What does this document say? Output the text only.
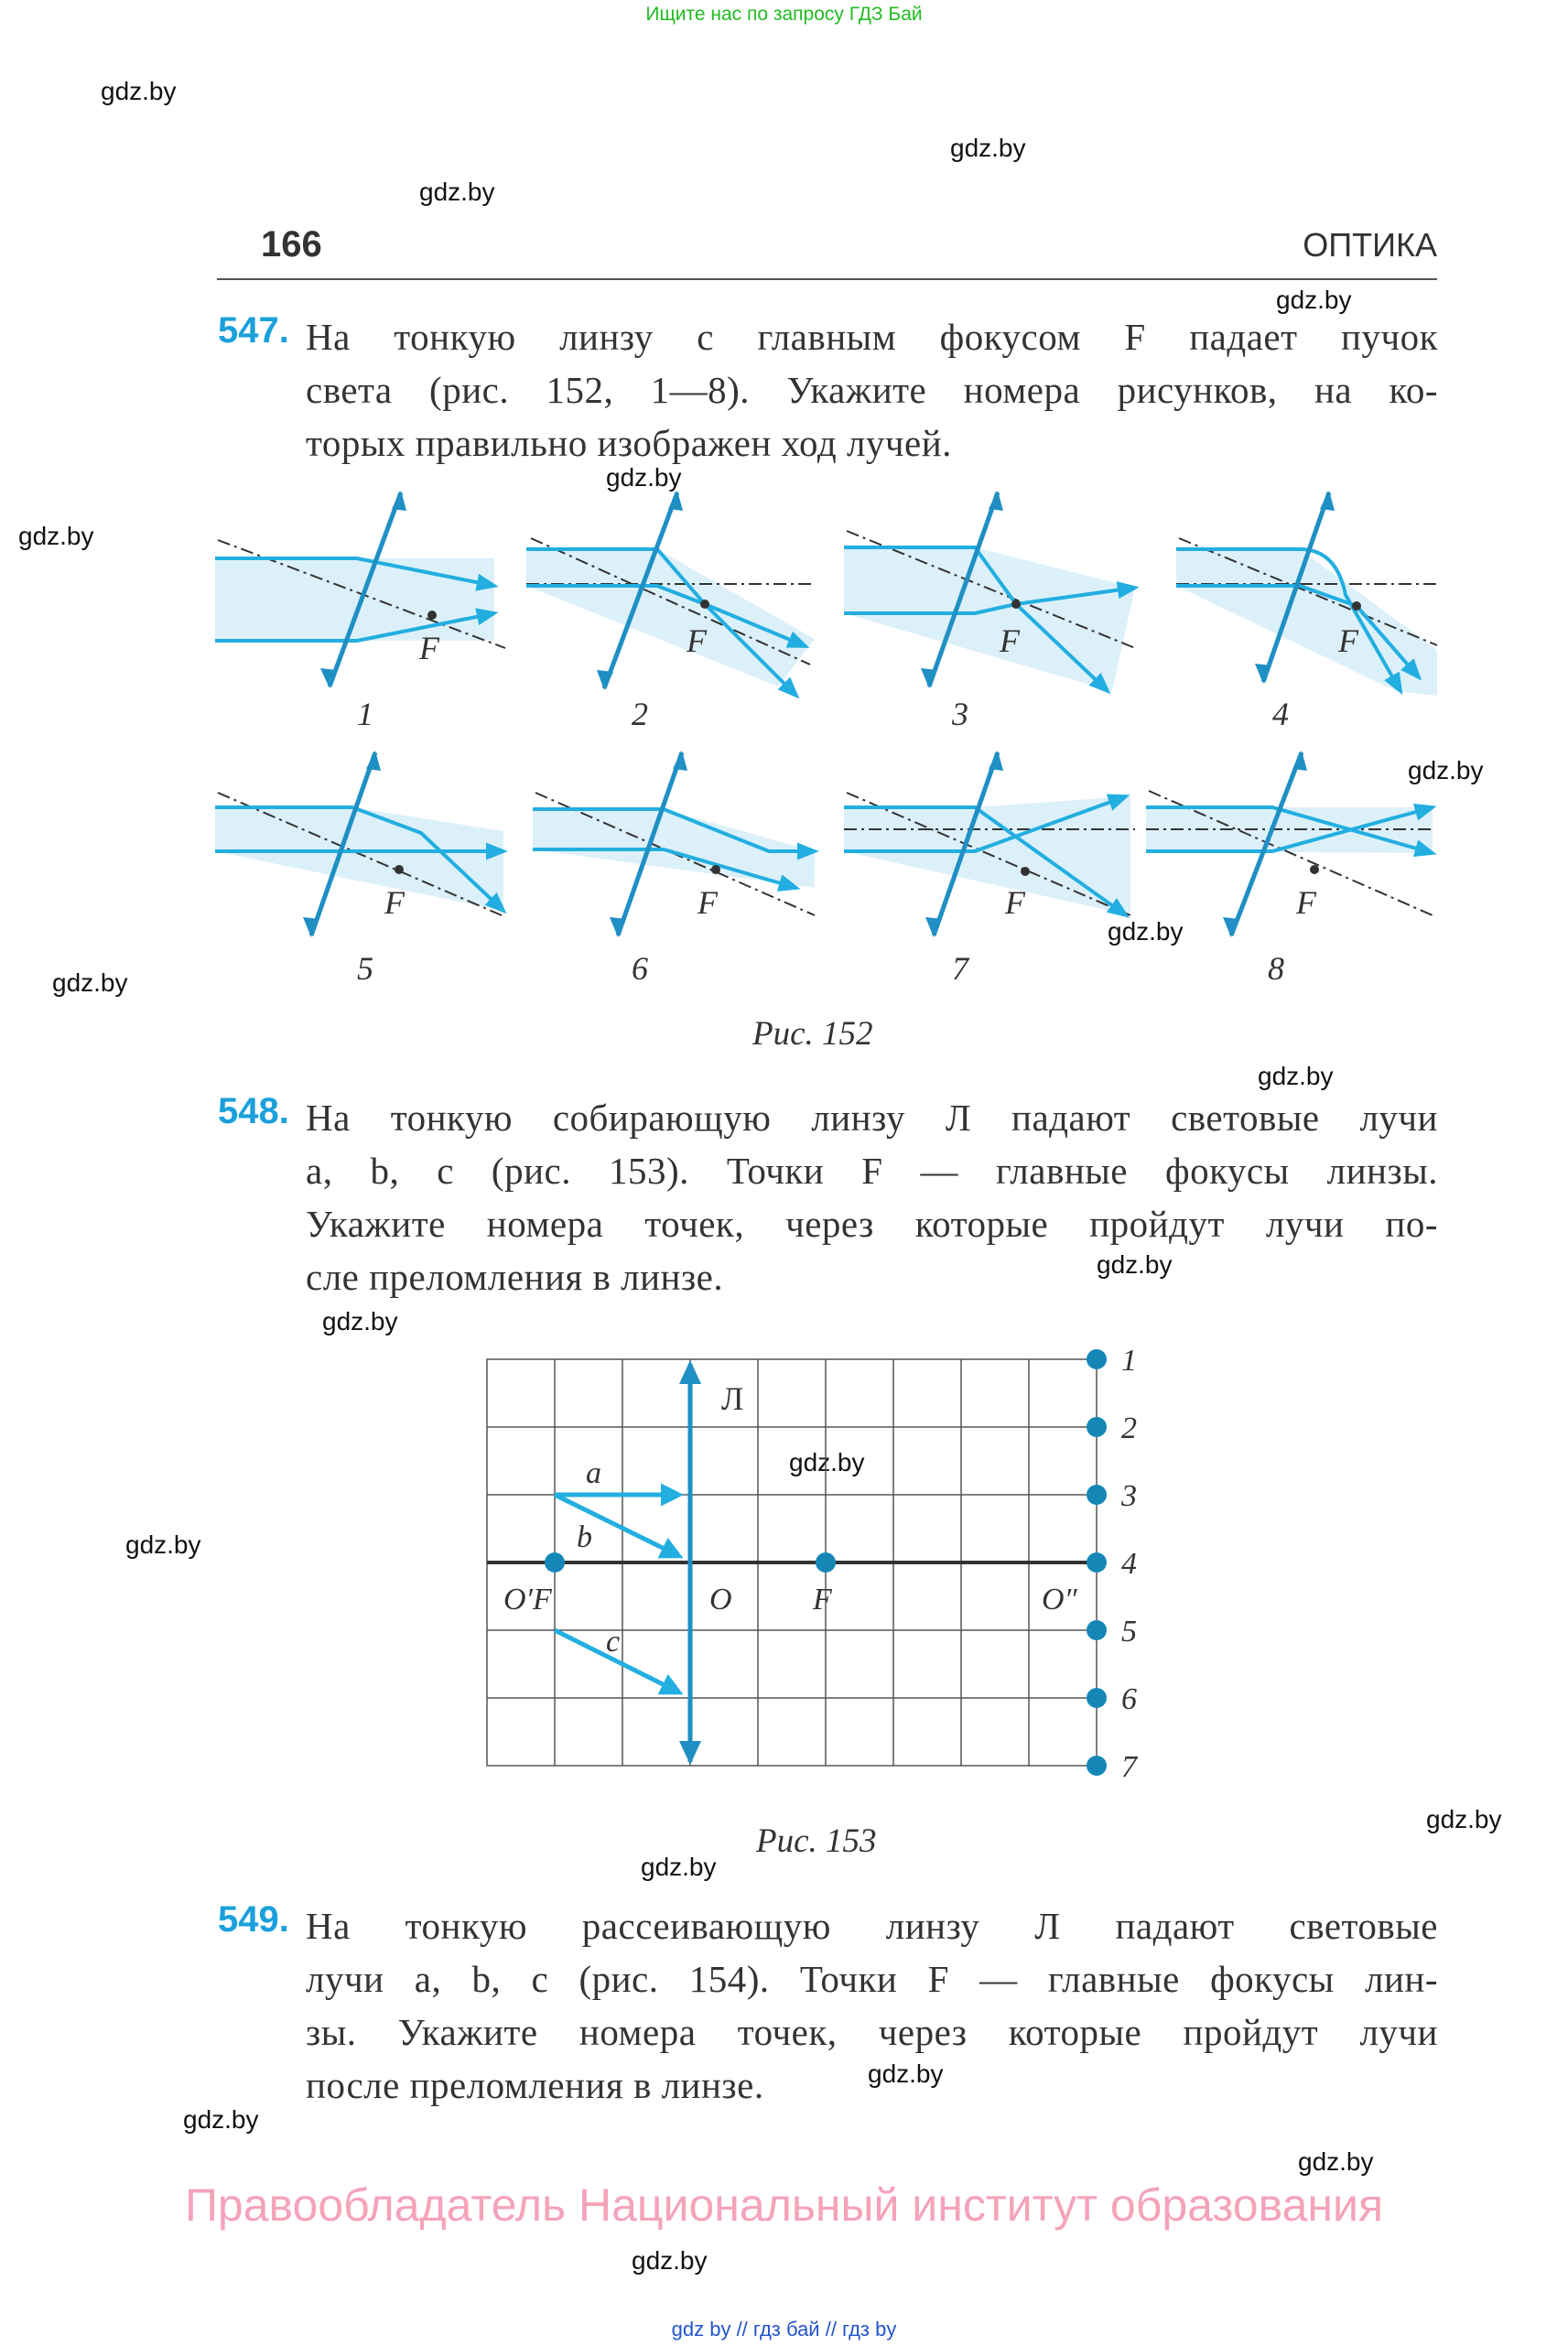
Ищите нас по запросу ГДЗ Бай
166	ОПТИКА
gdz.by
gdz.by
gdz.by
gdz.by
gdz.by
gdz.by
gdz.by
gdz.by
gdz.by
gdz.by
gdz.by
gdz.by
gdz.by
gdz.by
gdz.by
gdz.by
gdz.by
gdz.by
gdz.by
gdz.by
547. На тонкую линзу с главным фокусом F падает пучок
света (рис. 152, 1—8). Укажите номера рисунков, на ко-
торых правильно изображен ход лучей.
F
1
F
2
F
3
F
4
F
5
F
6
F
7
F
8
Рис. 152
548. На тонкую собирающую линзу Л падают световые лучи
a, b, c (рис. 153). Точки F — главные фокусы линзы.
Укажите номера точек, через которые пройдут лучи по-
сле преломления в линзе.
Л
a
b
c
O′F	O	F	O″
1
2
3
4
5
6
7
Рис. 153
549. На тонкую рассеивающую линзу Л падают световые
лучи a, b, c (рис. 154). Точки F — главные фокусы лин-
зы. Укажите номера точек, через которые пройдут лучи
после преломления в линзе.
Правообладатель Национальный институт образования
gdz by // гдз бай // гдз by
